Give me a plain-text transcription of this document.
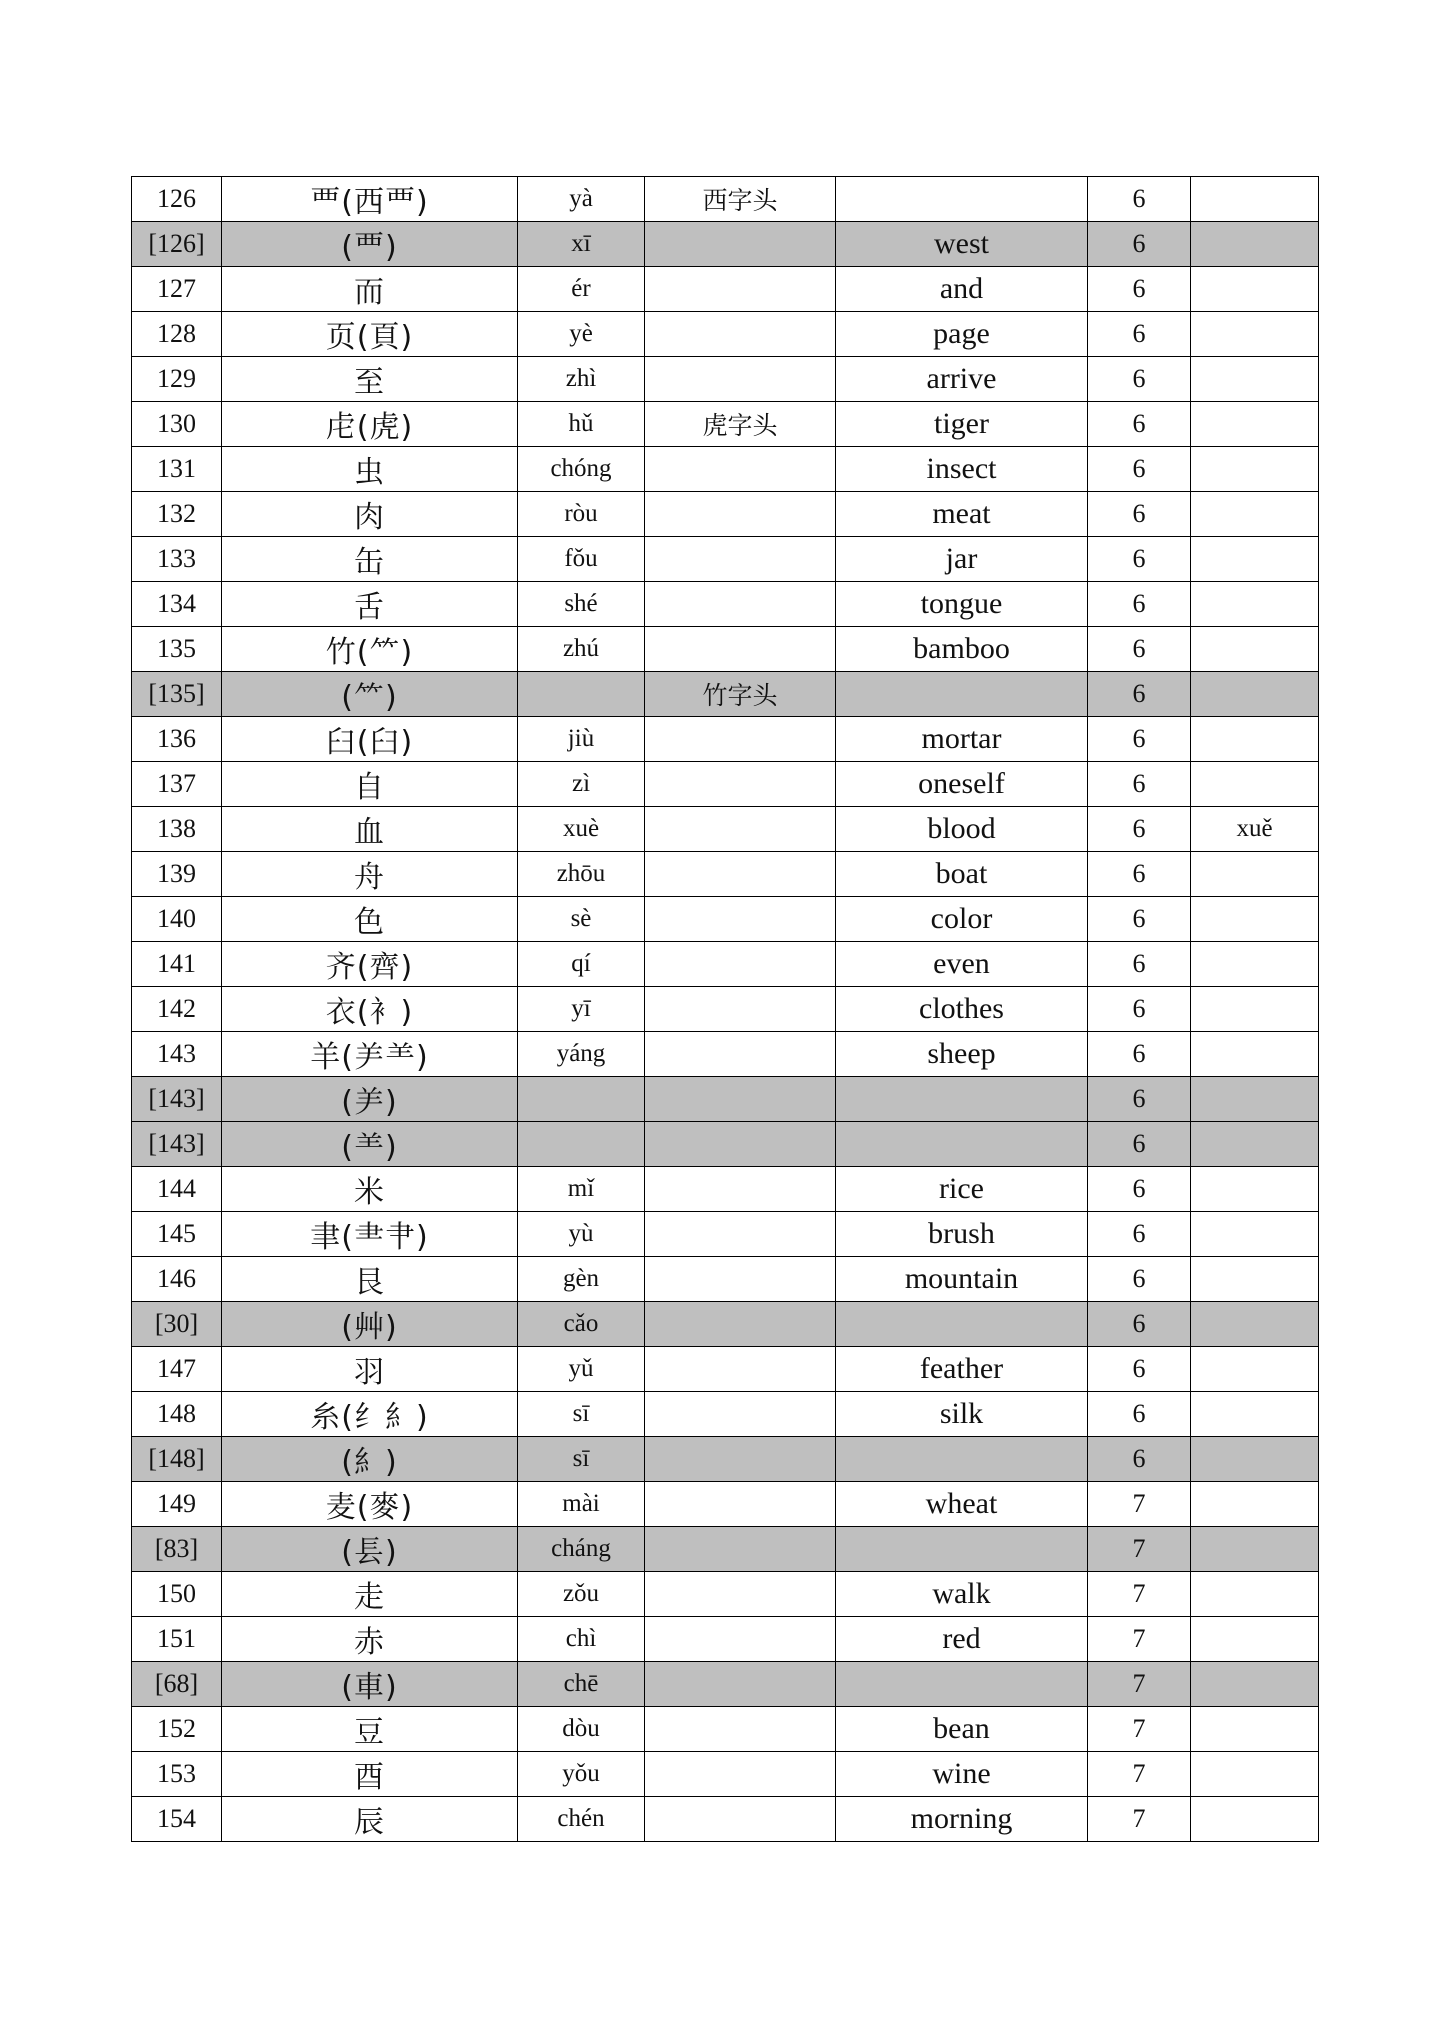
126	覀(西覀)	yà	西字头		6	
[126]	(覀)	xī		west	6	
127	而	ér		and	6	
128	页(頁)	yè		page	6	
129	至	zhì		arrive	6	
130	虍(虎)	hǔ	虎字头	tiger	6	
131	虫	chóng		insect	6	
132	肉	ròu		meat	6	
133	缶	fǒu		jar	6	
134	舌	shé		tongue	6	
135	竹(⺮)	zhú		bamboo	6	
[135]	(⺮)		竹字头		6	
136	臼(臼)	jiù		mortar	6	
137	自	zì		oneself	6	
138	血	xuè		blood	6	xuě
139	舟	zhōu		boat	6	
140	色	sè		color	6	
141	齐(齊)	qí		even	6	
142	衣(衤)	yī		clothes	6	
143	羊(⺶⺷)	yáng		sheep	6	
[143]	(⺶)				6	
[143]	(⺷)				6	
144	米	mǐ		rice	6	
145	聿(⺻⺺)	yù		brush	6	
146	艮	gèn		mountain	6	
[30]	(艸)	cǎo			6	
147	羽	yǔ		feather	6	
148	糸(纟糹)	sī		silk	6	
[148]	(糹)	sī			6	
149	麦(麥)	mài		wheat	7	
[83]	(镸)	cháng			7	
150	走	zǒu		walk	7	
151	赤	chì		red	7	
[68]	(車)	chē			7	
152	豆	dòu		bean	7	
153	酉	yǒu		wine	7	
154	辰	chén		morning	7	
